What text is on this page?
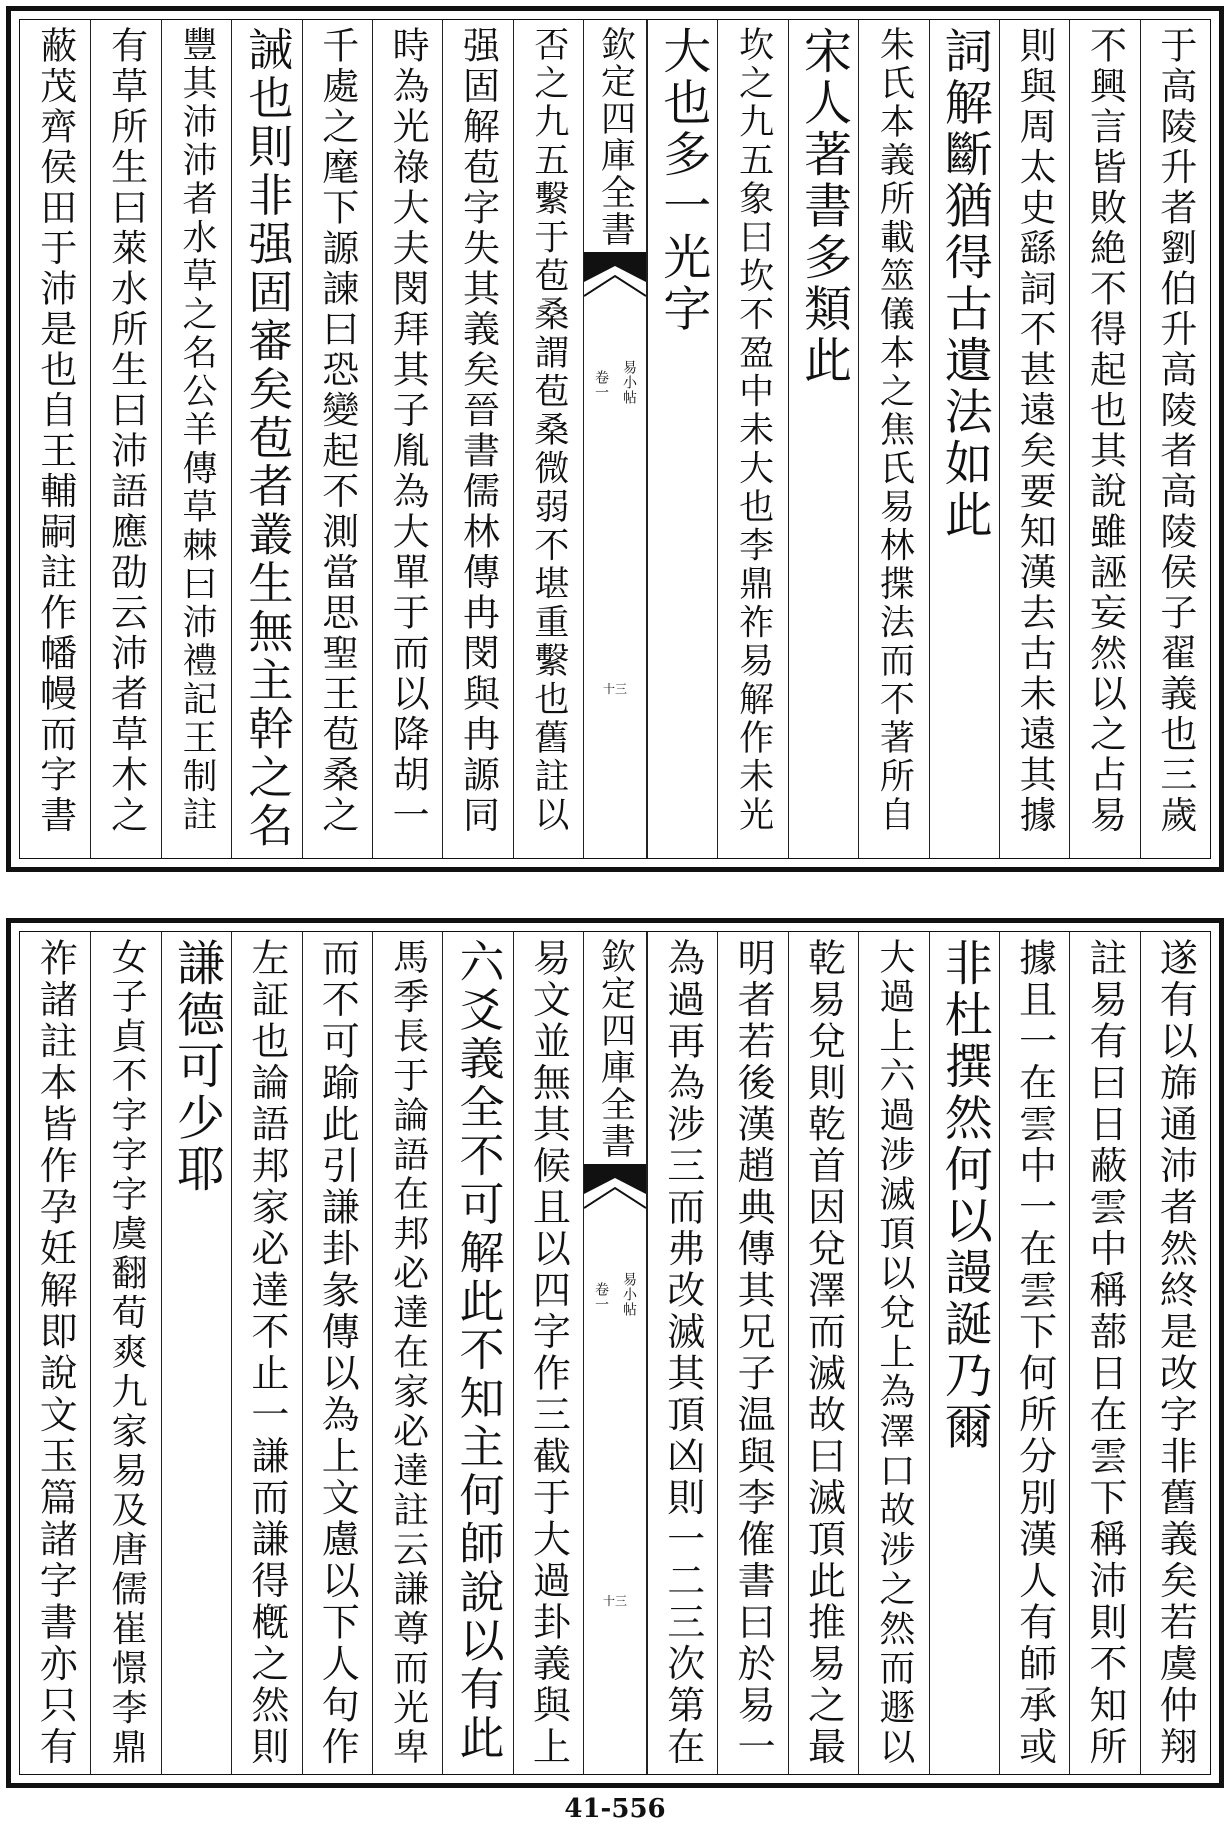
蔽茂齊侯田于沛是也自王輔嗣註作幡幔而字書 有草所生曰萊水所生曰沛語應劭云沛者草木之 豐其沛沛者水草之名公羊傳草棘曰沛禮記王制註 誡也則非强固審矣苞者叢生無主幹之名 千處之麾下謜諫曰恐變起不測當思聖王苞桑之 時為光祿大夫閔拜其子胤為大單于而以降胡一 强固解苞字失其義矣晉書儒林傳冉閔與冉謜同 否之九五繫于苞桑謂苞桑微弱不堪重繫也舊註以 欽定四庫全書
易小帖
卷一
十三
大也多一光字 坎之九五象曰坎不盈中未大也李鼎祚易解作未光 宋人著書多類此 朱氏本義所載筮儀本之焦氏易林揲法而不著所自 詞解斷猶得古遺法如此 則與周太史繇詞不甚遠矣要知漢去古未遠其據 不興言皆敗絶不得起也其說雖誣妄然以之占易 于高陵升者劉伯升高陵者高陵侯子翟義也三歲
祚諸註本皆作孕妊解即說文玉篇諸字書亦只有 女子貞不字字字虞翻荀爽九家易及唐儒崔憬李鼎 謙德可少耶 左証也論語邦家必達不止一謙而謙得槪之然則 而不可踰此引謙卦彖傳以為上文慮以下人句作 馬季長于論語在邦必達在家必達註云謙尊而光卑 六爻義全不可解此不知主何師說以有此 易文並無其候且以四字作三截于大過卦義與上 欽定四庫全書
易小帖
卷一
十三 為過再為涉三而弗改滅其頂凶則一二三次第在 明者若後漢趙典傳其兄子温與李傕書曰於易一 乾易兌則乾首因兌澤而滅故曰滅頂此推易之最 大過上六過涉滅頂以兌上為澤口故涉之然而遯以 非杜撰然何以謾誕乃爾 據且一在雲中一在雲下何所分別漢人有師承或 註易有曰日蔽雲中稱蔀日在雲下稱沛則不知所 遂有以旆通沛者然終是改字非舊義矣若虞仲翔
41-556
